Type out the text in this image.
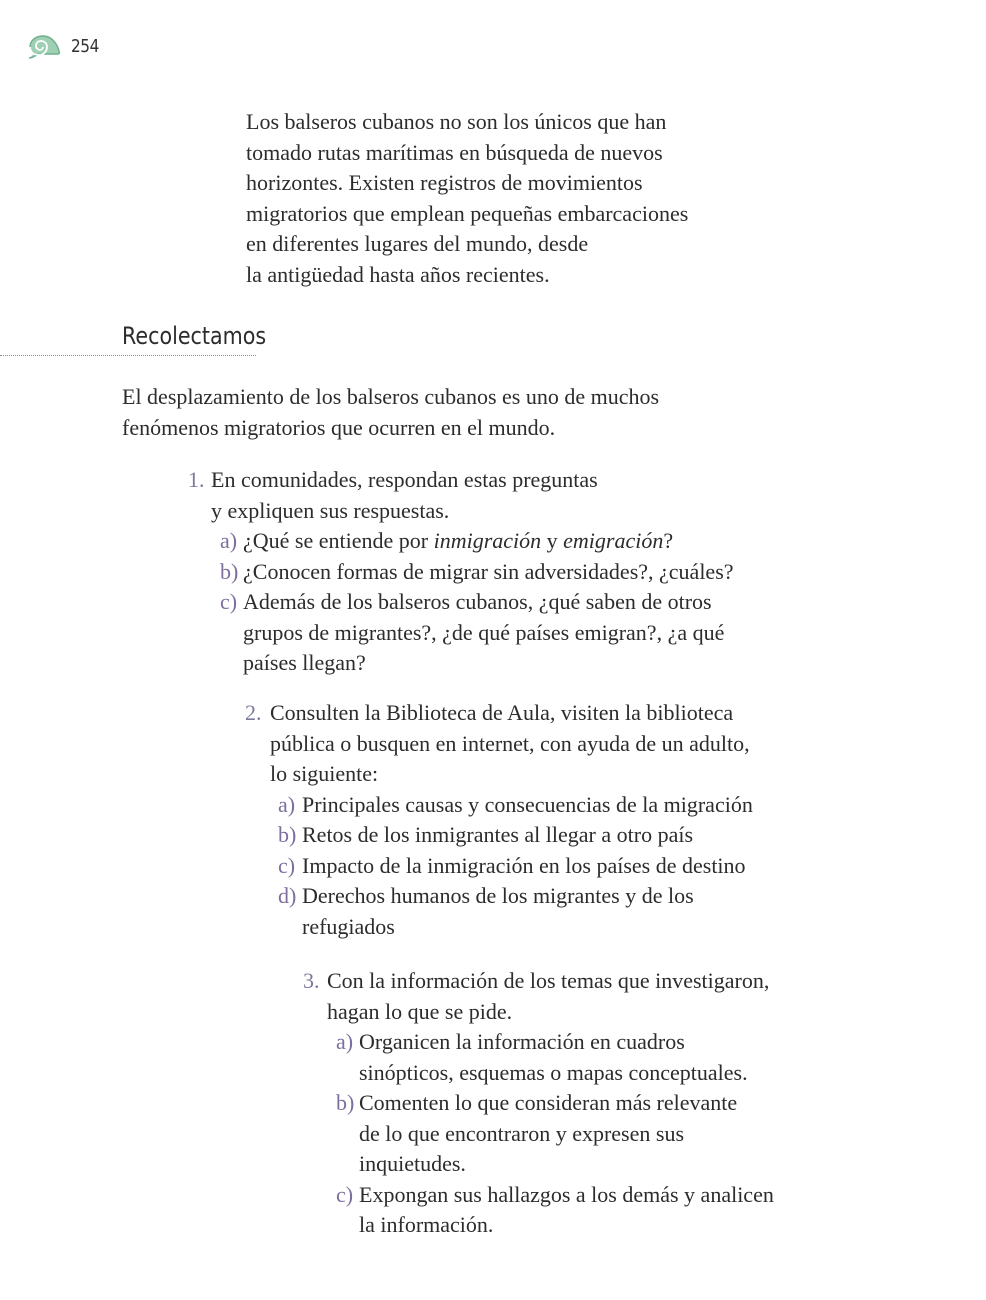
254

Los balseros cubanos no son los únicos que han
tomado rutas marítimas en búsqueda de nuevos
horizontes. Existen registros de movimientos
migratorios que emplean pequeñas embarcaciones
en diferentes lugares del mundo, desde
la antigüedad hasta años recientes.

Recolectamos

El desplazamiento de los balseros cubanos es uno de muchos
fenómenos migratorios que ocurren en el mundo.

1. En comunidades, respondan estas preguntas
y expliquen sus respuestas.
a) ¿Qué se entiende por inmigración y emigración?
b) ¿Conocen formas de migrar sin adversidades?, ¿cuáles?
c) Además de los balseros cubanos, ¿qué saben de otros
grupos de migrantes?, ¿de qué países emigran?, ¿a qué
países llegan?
2. Consulten la Biblioteca de Aula, visiten la biblioteca
pública o busquen en internet, con ayuda de un adulto,
lo siguiente:
a) Principales causas y consecuencias de la migración
b) Retos de los inmigrantes al llegar a otro país
c) Impacto de la inmigración en los países de destino
d) Derechos humanos de los migrantes y de los
refugiados
3. Con la información de los temas que investigaron,
hagan lo que se pide.
a) Organicen la información en cuadros
sinópticos, esquemas o mapas conceptuales.
b) Comenten lo que consideran más relevante
de lo que encontraron y expresen sus
inquietudes.
c) Expongan sus hallazgos a los demás y analicen
la información.
